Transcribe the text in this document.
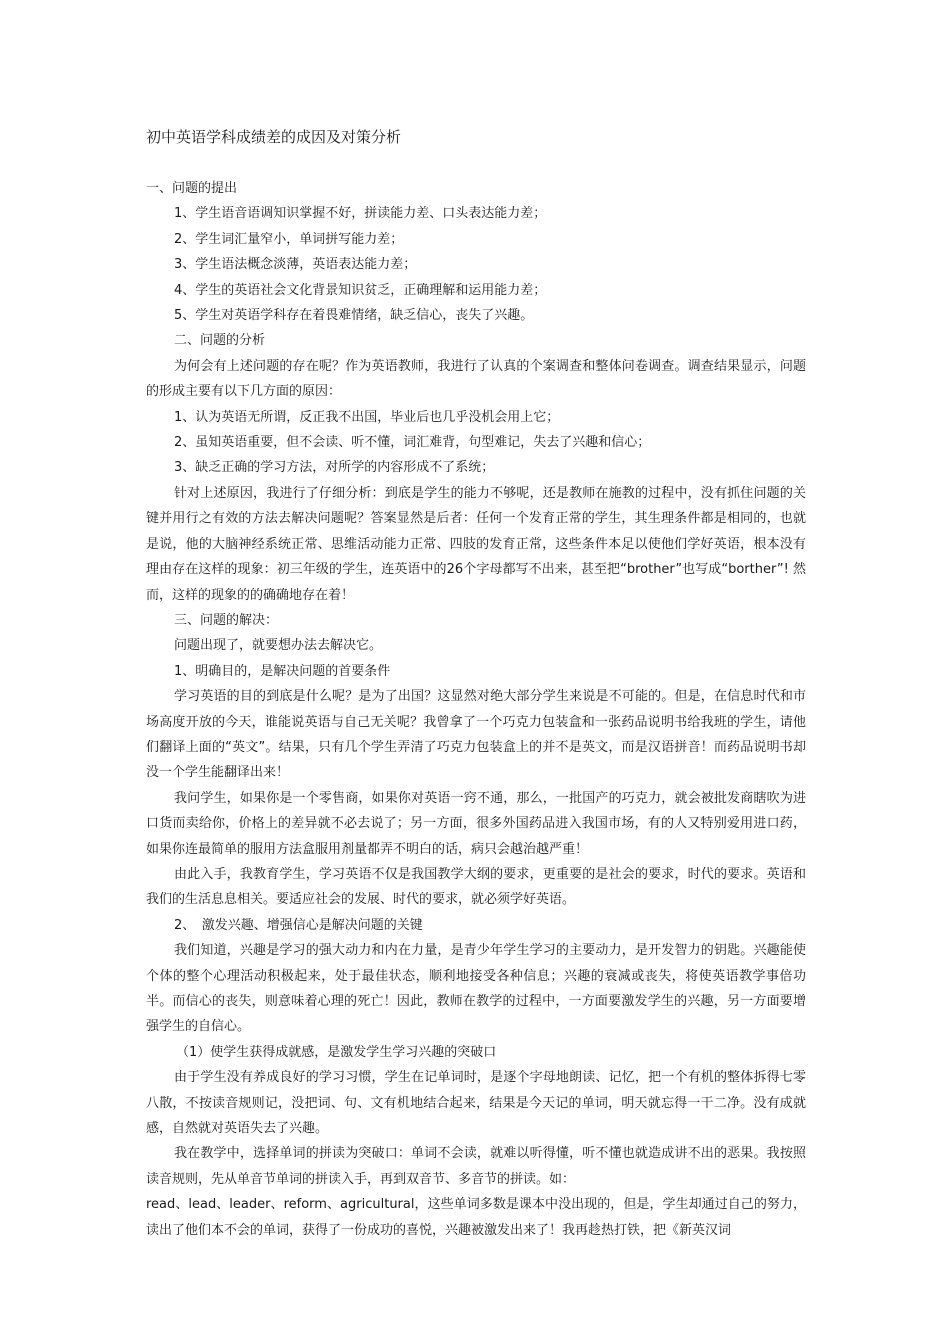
初中英语学科成绩差的成因及对策分析

一、问题的提出

1、学生语音语调知识掌握不好，拼读能力差、口头表达能力差；

2、学生词汇量窄小，单词拼写能力差；

3、学生语法概念淡薄，英语表达能力差；

4、学生的英语社会文化背景知识贫乏，正确理解和运用能力差；

5、学生对英语学科存在着畏难情绪，缺乏信心，丧失了兴趣。

二、问题的分析

为何会有上述问题的存在呢？作为英语教师，我进行了认真的个案调查和整体问卷调查。调查结果显示，问题的形成主要有以下几方面的原因：

1、认为英语无所谓，反正我不出国，毕业后也几乎没机会用上它；

2、虽知英语重要，但不会读、听不懂，词汇难背，句型难记，失去了兴趣和信心；

3、缺乏正确的学习方法，对所学的内容形成不了系统；

针对上述原因，我进行了仔细分析：到底是学生的能力不够呢，还是教师在施教的过程中，没有抓住问题的关键并用行之有效的方法去解决问题呢？答案显然是后者：任何一个发育正常的学生，其生理条件都是相同的，也就是说，他的大脑神经系统正常、思维活动能力正常、四肢的发育正常，这些条件本足以使他们学好英语，根本没有理由存在这样的现象：初三年级的学生，连英语中的26个字母都写不出来，甚至把“brother”也写成“borther”! 然而，这样的现象的的确确地存在着！

三、问题的解决：

问题出现了，就要想办法去解决它。

1、明确目的，是解决问题的首要条件

学习英语的目的到底是什么呢？是为了出国？这显然对绝大部分学生来说是不可能的。但是，在信息时代和市场高度开放的今天，谁能说英语与自己无关呢？我曾拿了一个巧克力包装盒和一张药品说明书给我班的学生，请他们翻译上面的“英文”。结果，只有几个学生弄清了巧克力包装盒上的并不是英文，而是汉语拼音！而药品说明书却没一个学生能翻译出来！

我问学生，如果你是一个零售商，如果你对英语一窍不通，那么，一批国产的巧克力，就会被批发商瞎吹为进口货而卖给你，价格上的差异就不必去说了；另一方面，很多外国药品进入我国市场，有的人又特别爱用进口药，如果你连最简单的服用方法盒服用剂量都弄不明白的话，病只会越治越严重！

由此入手，我教育学生，学习英语不仅是我国教学大纲的要求，更重要的是社会的要求，时代的要求。英语和我们的生活息息相关。要适应社会的发展、时代的要求，就必须学好英语。

2、　激发兴趣、增强信心是解决问题的关键

我们知道，兴趣是学习的强大动力和内在力量，是青少年学生学习的主要动力，是开发智力的钥匙。兴趣能使个体的整个心理活动积极起来，处于最佳状态，顺利地接受各种信息；兴趣的衰减或丧失，将使英语教学事倍功半。而信心的丧失，则意味着心理的死亡！因此，教师在教学的过程中，一方面要激发学生的兴趣，另一方面要增强学生的自信心。

（1）使学生获得成就感，是激发学生学习兴趣的突破口

由于学生没有养成良好的学习习惯，学生在记单词时，是逐个字母地朗读、记忆，把一个有机的整体拆得七零八散，不按读音规则记，没把词、句、文有机地结合起来，结果是今天记的单词，明天就忘得一干二净。没有成就感，自然就对英语失去了兴趣。

我在教学中，选择单词的拼读为突破口：单词不会读，就难以听得懂，听不懂也就造成讲不出的恶果。我按照读音规则，先从单音节单词的拼读入手，再到双音节、多音节的拼读。如：

read、lead、leader、reform、agricultural，这些单词多数是课本中没出现的，但是，学生却通过自己的努力，读出了他们本不会的单词，获得了一份成功的喜悦，兴趣被激发出来了！我再趁热打铁，把《新英汉词
